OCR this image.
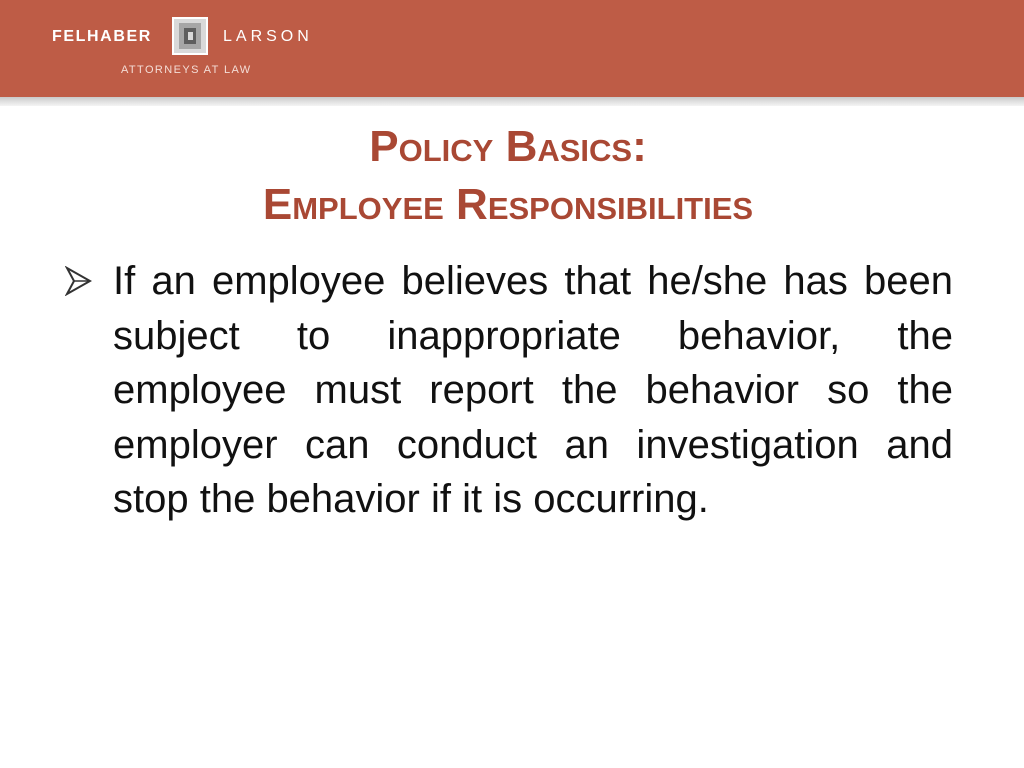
FELHABER	LARSON
ATTORNEYS AT LAW
Policy Basics:
Employee Responsibilities
If an employee believes that he/she has been subject to inappropriate behavior, the employee must report the behavior so the employer can conduct an investigation and stop the behavior if it is occurring.
